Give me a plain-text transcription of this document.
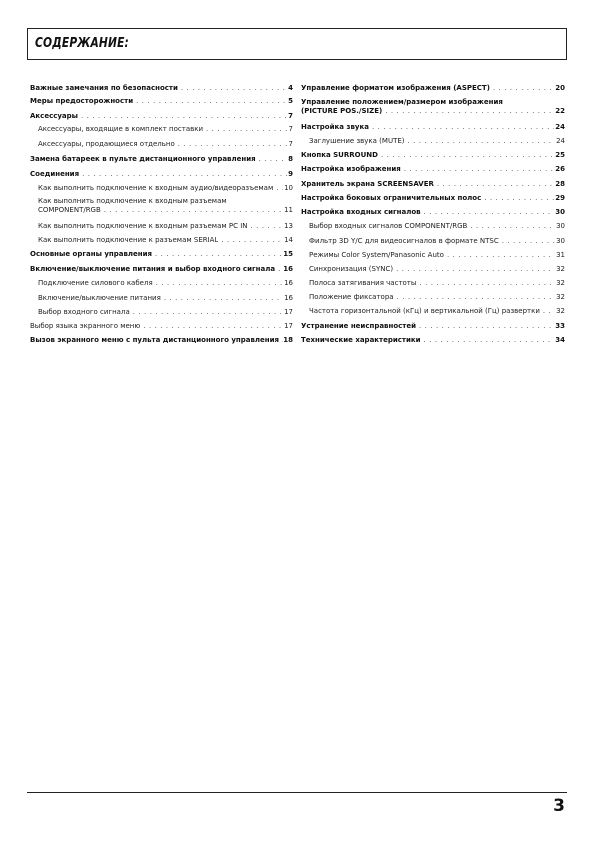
СОДЕРЖАНИЕ:
Важные замечания по безопасности . . .	4
Меры предосторожности . . .	5
Аксессуары . . .	7
Аксессуары, входящие в комплект поставки . . .	7
Аксессуары, продающиеся отдельно . . .	7
Замена батареек в пульте дистанционного управления . . .	8
Соединения . . .	9
Как выполнить подключение к входным аудио/видеоразъемам . . . 10
Как выполнить подключение к входным разъемам
COMPONENT/RGB . . .	11
Как выполнить подключение к входным разъемам PC IN . . .	13
Как выполнить подключение к разъемам SERIAL . . .	14
Основные органы управления . . .	15
Включение/выключение питания и выбор входного сигнала . . . 16
Подключение силового кабеля . . .	16
Включение/выключение питания . . .	16
Выбор входного сигнала . . .	17
Выбор языка экранного меню . . .	17
Вызов экранного меню с пульта дистанционного управления . . . 18
Управление форматом изображения (ASPECT) . . .	20
Управление положением/размером изображения
(PICTURE POS./SIZE) . . .	22
Настройка звука . . .	24
Заглушение звука (MUTE) . . .	24
Кнопка SURROUND . . .	25
Настройка изображения . . .	26
Хранитель экрана SCREENSAVER . . .	28
Настройка боковых ограничительных полос . . .	29
Настройка входных сигналов . . .	30
Выбор входных сигналов COMPONENT/RGB . . .	30
Фильтр 3D Y/C для видеосигналов в формате NTSC . . .	30
Режимы Color System/Panasonic Auto . . .	31
Синхронизация (SYNC) . . .	32
Полоса затягивания частоты . . .	32
Положение фиксатора . . .	32
Частота горизонтальной (кГц) и вертикальной (Гц) развертки . . . 32
Устранение неисправностей . . .	33
Технические характеристики . . .	34
3
